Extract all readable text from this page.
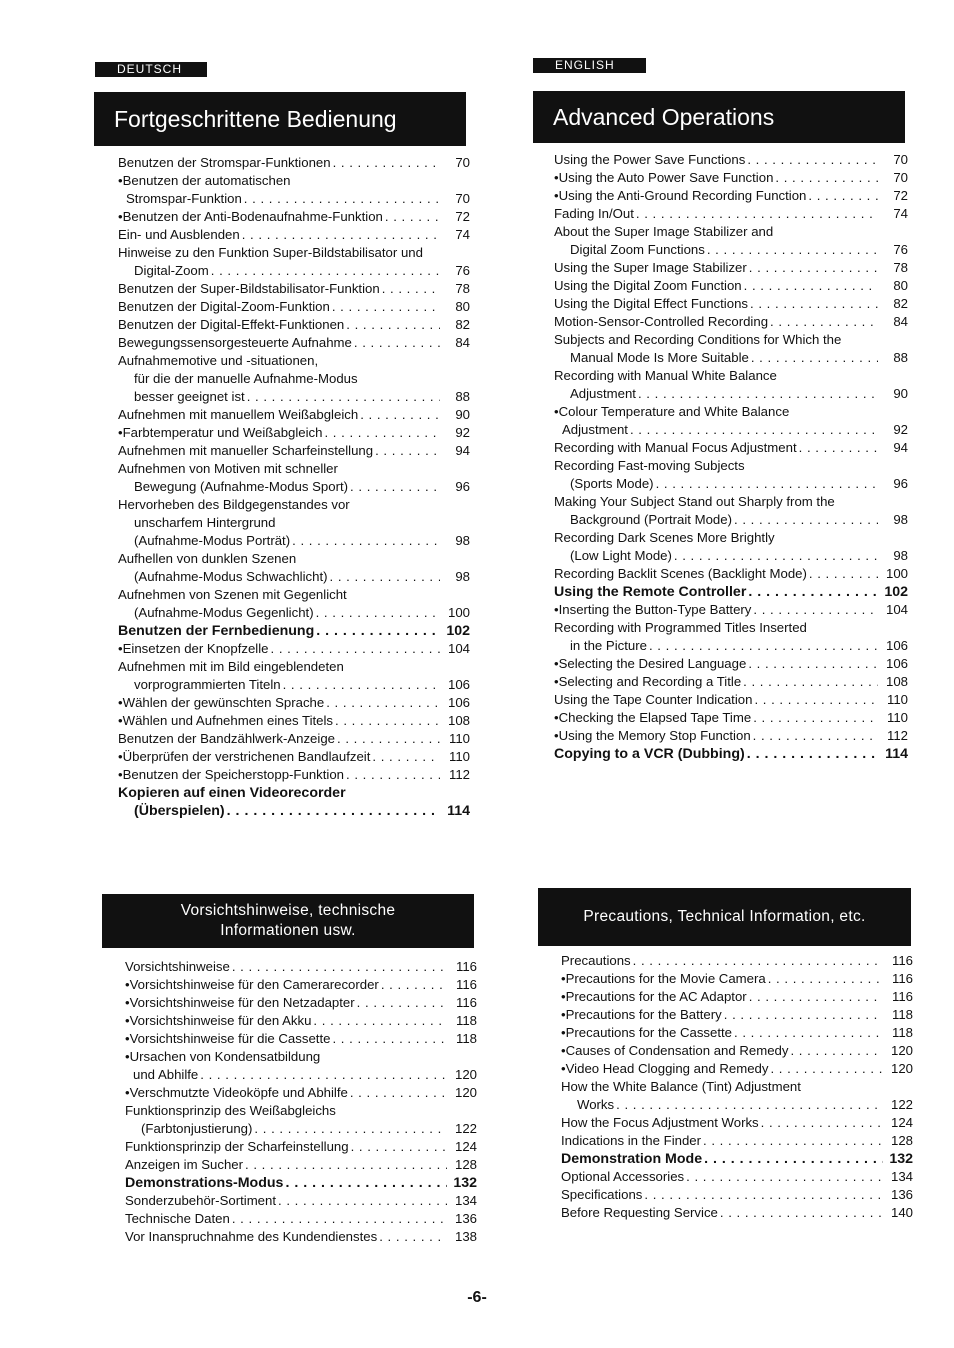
DEUTSCH	ENGLISH
Fortgeschrittene Bedienung	Advanced Operations
Benutzen der Stromspar-Funktionen . . .	70
•Benutzen der automatischen
Stromspar-Funktion . . .	70
•Benutzen der Anti-Bodenaufnahme-Funktion . . .	72
Ein- und Ausblenden . . .	74
Hinweise zu den Funktion Super-Bildstabilisator und
Digital-Zoom . . .	76
Benutzen der Super-Bildstabilisator-Funktion . . .	78
Benutzen der Digital-Zoom-Funktion . . .	80
Benutzen der Digital-Effekt-Funktionen . . .	82
Bewegungssensorgesteuerte Aufnahme . . .	84
Aufnahmemotive und -situationen,
für die der manuelle Aufnahme-Modus
besser geeignet ist . . .	88
Aufnehmen mit manuellem Weißabgleich . . .	90
•Farbtemperatur und Weißabgleich . . .	92
Aufnehmen mit manueller Scharfeinstellung . . .	94
Aufnehmen von Motiven mit schneller
Bewegung (Aufnahme-Modus Sport) . . .	96
Hervorheben des Bildgegenstandes vor
unscharfem Hintergrund
(Aufnahme-Modus Porträt) . . .	98
Aufhellen von dunklen Szenen
(Aufnahme-Modus Schwachlicht) . . .	98
Aufnehmen von Szenen mit Gegenlicht
(Aufnahme-Modus Gegenlicht) . . .	100
Benutzen der Fernbedienung . . .	102
•Einsetzen der Knopfzelle . . .	104
Aufnehmen mit im Bild eingeblendeten
vorprogrammierten Titeln . . .	106
•Wählen der gewünschten Sprache . . .	106
•Wählen und Aufnehmen eines Titels . . .	108
Benutzen der Bandzählwerk-Anzeige . . .	110
•Überprüfen der verstrichenen Bandlaufzeit . . .	110
•Benutzen der Speicherstopp-Funktion . . .	112
Kopieren auf einen Videorecorder
(Überspielen) . . .	114
Using the Power Save Functions . . .	70
•Using the Auto Power Save Function . . .	70
•Using the Anti-Ground Recording Function . . .	72
Fading In/Out . . .	74
About the Super Image Stabilizer and
Digital Zoom Functions . . .	76
Using the Super Image Stabilizer . . .	78
Using the Digital Zoom Function . . .	80
Using the Digital Effect Functions . . .	82
Motion-Sensor-Controlled Recording . . .	84
Subjects and Recording Conditions for Which the
Manual Mode Is More Suitable . . .	88
Recording with Manual White Balance
Adjustment . . .	90
•Colour Temperature and White Balance
Adjustment . . .	92
Recording with Manual Focus Adjustment . . .	94
Recording Fast-moving Subjects
(Sports Mode) . . .	96
Making Your Subject Stand out Sharply from the
Background (Portrait Mode) . . .	98
Recording Dark Scenes More Brightly
(Low Light Mode) . . .	98
Recording Backlit Scenes (Backlight Mode) . . .	100
Using the Remote Controller . . .	102
•Inserting the Button-Type Battery . . .	104
Recording with Programmed Titles Inserted
in the Picture . . .	106
•Selecting the Desired Language . . .	106
•Selecting and Recording a Title . . .	108
Using the Tape Counter Indication . . .	110
•Checking the Elapsed Tape Time . . .	110
•Using the Memory Stop Function . . .	112
Copying to a VCR (Dubbing) . . .	114
Vorsichtshinweise, technische
Informationen usw.
Precautions, Technical Information, etc.
Vorsichtshinweise . . .	116
•Vorsichtshinweise für den Camerarecorder . . .	116
•Vorsichtshinweise für den Netzadapter . . .	116
•Vorsichtshinweise für den Akku . . .	118
•Vorsichtshinweise für die Cassette . . .	118
•Ursachen von Kondensatbildung
und Abhilfe . . .	120
•Verschmutzte Videoköpfe und Abhilfe . . .	120
Funktionsprinzip des Weißabgleichs
(Farbtonjustierung) . . .	122
Funktionsprinzip der Scharfeinstellung . . .	124
Anzeigen im Sucher . . .	128
Demonstrations-Modus . . .	132
Sonderzubehör-Sortiment . . .	134
Technische Daten . . .	136
Vor Inanspruchnahme des Kundendienstes . . .	138
Precautions . . .	116
•Precautions for the Movie Camera . . .	116
•Precautions for the AC Adaptor . . .	116
•Precautions for the Battery . . .	118
•Precautions for the Cassette . . .	118
•Causes of Condensation and Remedy . . .	120
•Video Head Clogging and Remedy . . .	120
How the White Balance (Tint) Adjustment
Works . . .	122
How the Focus Adjustment Works . . .	124
Indications in the Finder . . .	128
Demonstration Mode . . .	132
Optional Accessories . . .	134
Specifications . . .	136
Before Requesting Service . . .	140
-6-
